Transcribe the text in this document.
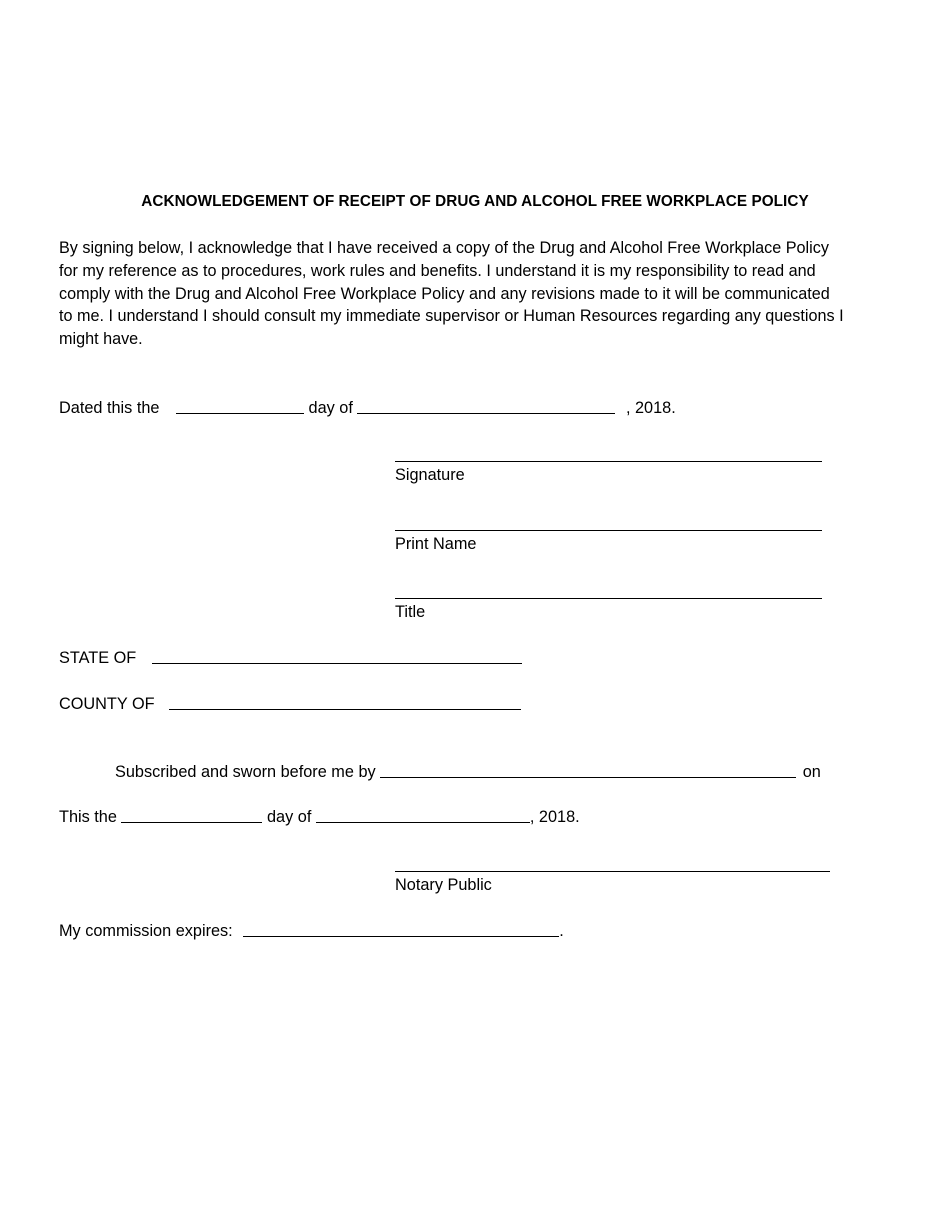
ACKNOWLEDGEMENT OF RECEIPT OF DRUG AND ALCOHOL FREE WORKPLACE POLICY
By signing below, I acknowledge that I have received a copy of the Drug and Alcohol Free Workplace Policy
for my reference as to procedures, work rules and benefits. I understand it is my responsibility to read and
comply with the Drug and Alcohol Free Workplace Policy and any revisions made to it will be communicated
to me. I understand I should consult my immediate supervisor or Human Resources regarding any questions I
might have.
Dated this the	day of	, 2018.
Signature
Print Name
Title
STATE OF
COUNTY OF
Subscribed and sworn before me by	on
This the	day of	, 2018.
Notary Public
My commission expires:	.
